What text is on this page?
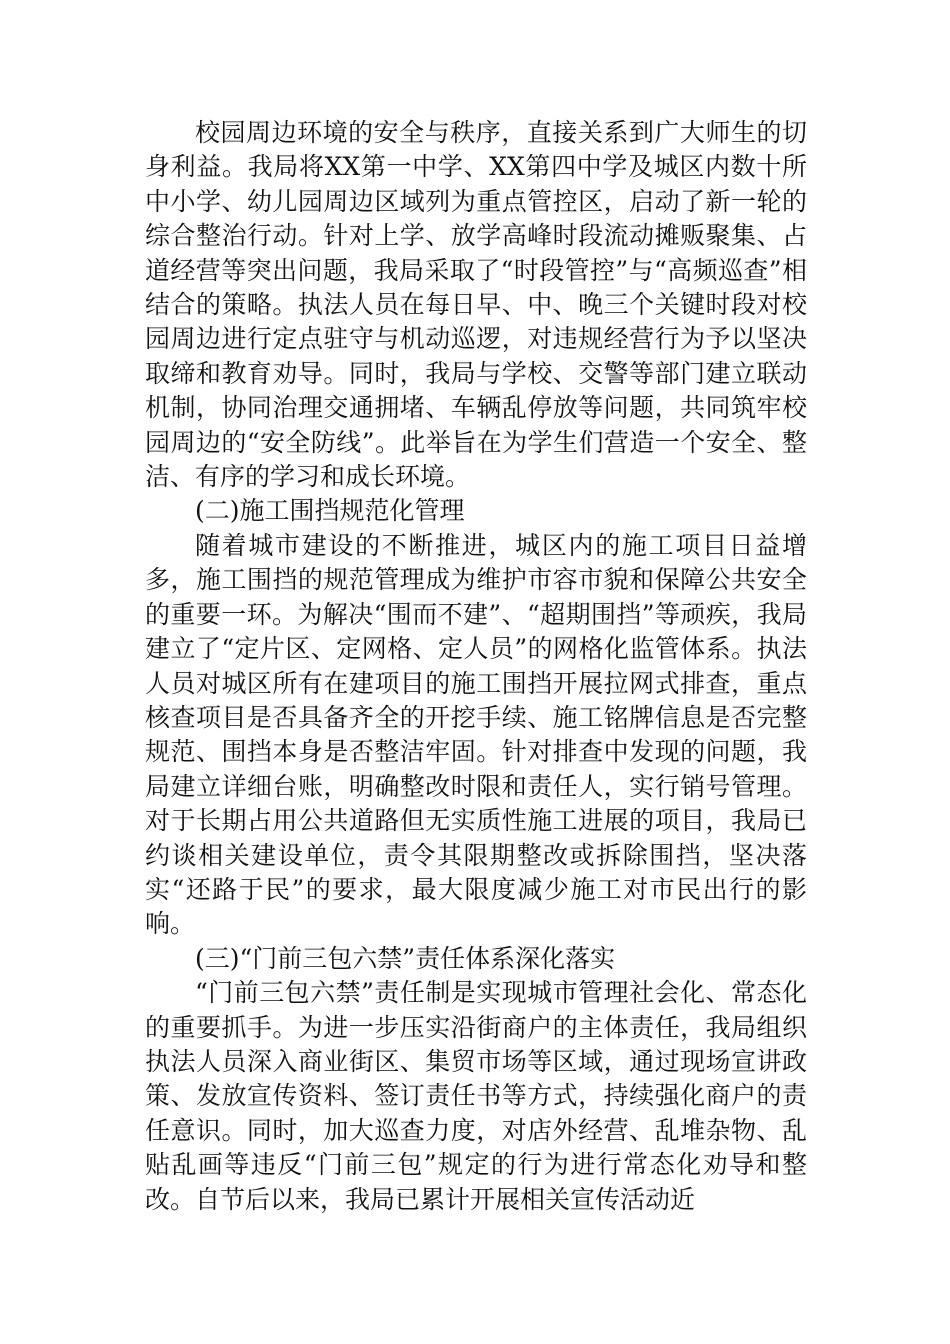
校园周边环境的安全与秩序，直接关系到广大师生的切身利益。我局将XX第一中学、XX第四中学及城区内数十所中小学、幼儿园周边区域列为重点管控区，启动了新一轮的综合整治行动。针对上学、放学高峰时段流动摊贩聚集、占道经营等突出问题，我局采取了“时段管控”与“高频巡查”相结合的策略。执法人员在每日早、中、晚三个关键时段对校园周边进行定点驻守与机动巡逻，对违规经营行为予以坚决取缔和教育劝导。同时，我局与学校、交警等部门建立联动机制，协同治理交通拥堵、车辆乱停放等问题，共同筑牢校园周边的“安全防线”。此举旨在为学生们营造一个安全、整洁、有序的学习和成长环境。

(二)施工围挡规范化管理

随着城市建设的不断推进，城区内的施工项目日益增多，施工围挡的规范管理成为维护市容市貌和保障公共安全的重要一环。为解决“围而不建”、“超期围挡”等顽疾，我局建立了“定片区、定网格、定人员”的网格化监管体系。执法人员对城区所有在建项目的施工围挡开展拉网式排查，重点核查项目是否具备齐全的开挖手续、施工铭牌信息是否完整规范、围挡本身是否整洁牢固。针对排查中发现的问题，我局建立详细台账，明确整改时限和责任人，实行销号管理。对于长期占用公共道路但无实质性施工进展的项目，我局已约谈相关建设单位，责令其限期整改或拆除围挡，坚决落实“还路于民”的要求，最大限度减少施工对市民出行的影响。

(三)“门前三包六禁”责任体系深化落实

“门前三包六禁”责任制是实现城市管理社会化、常态化的重要抓手。为进一步压实沿街商户的主体责任，我局组织执法人员深入商业街区、集贸市场等区域，通过现场宣讲政策、发放宣传资料、签订责任书等方式，持续强化商户的责任意识。同时，加大巡查力度，对店外经营、乱堆杂物、乱贴乱画等违反“门前三包”规定的行为进行常态化劝导和整改。自节后以来，我局已累计开展相关宣传活动近
